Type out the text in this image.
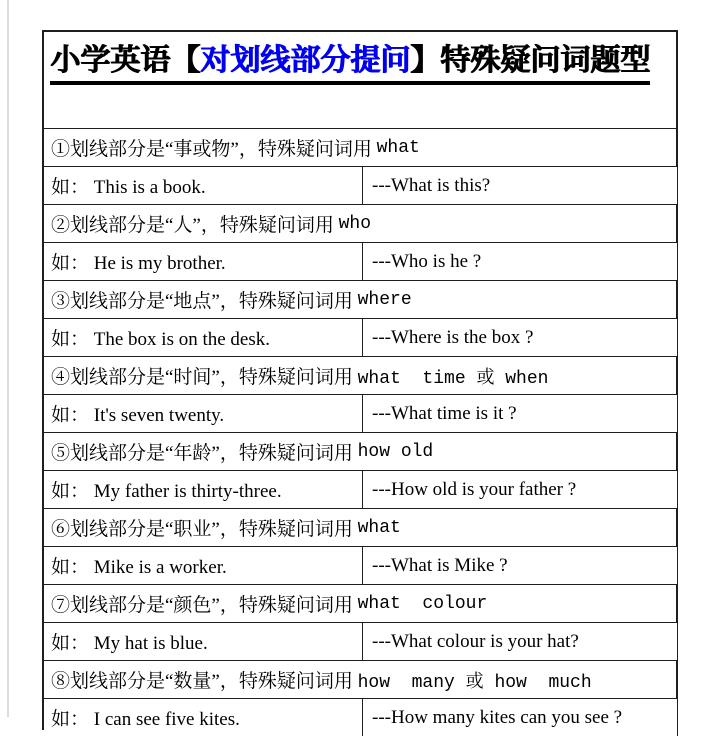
小学英语【对划线部分提问】特殊疑问词题型
①划线部分是“事或物”，特殊疑问词用 what
如： This is a book.	---What is this?
②划线部分是“人”，特殊疑问词用 who
如： He is my brother.	---Who is he ?
③划线部分是“地点”，特殊疑问词用 where
如： The box is on the desk.	---Where is the box ?
④划线部分是“时间”，特殊疑问词用 what  time 或 when
如： It's seven twenty.	---What time is it ?
⑤划线部分是“年龄”，特殊疑问词用 how old
如： My father is thirty-three.	---How old is your father ?
⑥划线部分是“职业”，特殊疑问词用 what
如： Mike is a worker.	---What is Mike ?
⑦划线部分是“颜色”，特殊疑问词用 what  colour
如： My hat is blue.	---What colour is your hat?
⑧划线部分是“数量”，特殊疑问词用 how  many 或 how  much
如： I can see five kites.	---How many kites can you see ?
